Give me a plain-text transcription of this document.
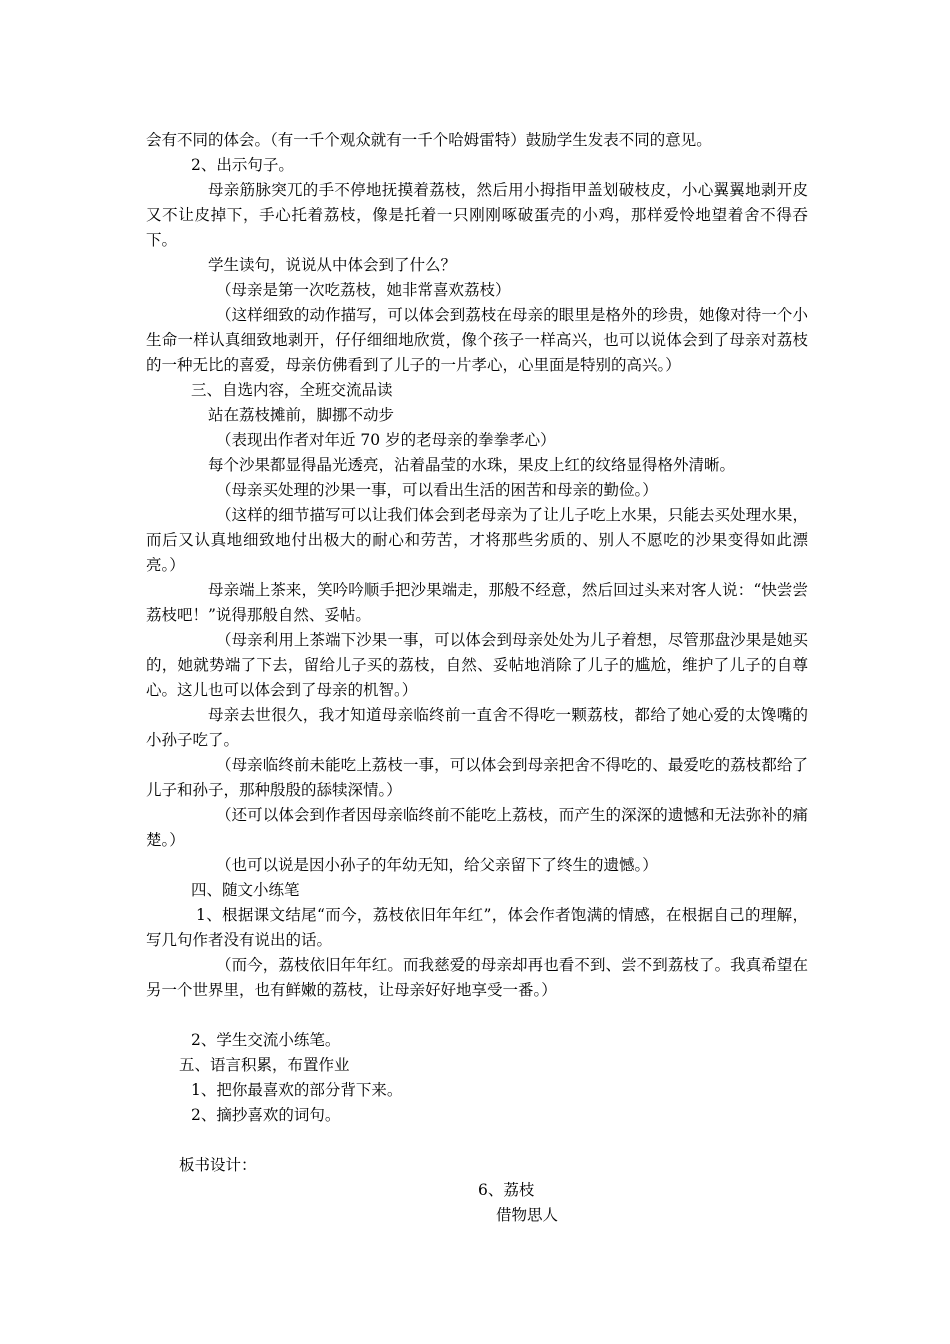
会有不同的体会。（有一千个观众就有一千个哈姆雷特）鼓励学生发表不同的意见。

2、出示句子。

母亲筋脉突兀的手不停地抚摸着荔枝，然后用小拇指甲盖划破枝皮，小心翼翼地剥开皮又不让皮掉下，手心托着荔枝，像是托着一只刚刚啄破蛋壳的小鸡，那样爱怜地望着舍不得吞下。

学生读句，说说从中体会到了什么？

（母亲是第一次吃荔枝，她非常喜欢荔枝）

（这样细致的动作描写，可以体会到荔枝在母亲的眼里是格外的珍贵，她像对待一个小生命一样认真细致地剥开，仔仔细细地欣赏，像个孩子一样高兴，也可以说体会到了母亲对荔枝的一种无比的喜爱，母亲仿佛看到了儿子的一片孝心，心里面是特别的高兴。）

三、自选内容，全班交流品读

站在荔枝摊前，脚挪不动步

（表现出作者对年近 70 岁的老母亲的拳拳孝心）

每个沙果都显得晶光透亮，沾着晶莹的水珠，果皮上红的纹络显得格外清晰。

（母亲买处理的沙果一事，可以看出生活的困苦和母亲的勤俭。）

（这样的细节描写可以让我们体会到老母亲为了让儿子吃上水果，只能去买处理水果，而后又认真地细致地付出极大的耐心和劳苦，才将那些劣质的、别人不愿吃的沙果变得如此漂亮。）

母亲端上茶来，笑吟吟顺手把沙果端走，那般不经意，然后回过头来对客人说：“快尝尝荔枝吧！”说得那般自然、妥帖。

（母亲利用上茶端下沙果一事，可以体会到母亲处处为儿子着想，尽管那盘沙果是她买的，她就势端了下去，留给儿子买的荔枝，自然、妥帖地消除了儿子的尴尬，维护了儿子的自尊心。这儿也可以体会到了母亲的机智。）

母亲去世很久，我才知道母亲临终前一直舍不得吃一颗荔枝，都给了她心爱的太馋嘴的小孙子吃了。

（母亲临终前未能吃上荔枝一事，可以体会到母亲把舍不得吃的、最爱吃的荔枝都给了儿子和孙子，那种殷殷的舔犊深情。）

（还可以体会到作者因母亲临终前不能吃上荔枝，而产生的深深的遗憾和无法弥补的痛楚。）

（也可以说是因小孙子的年幼无知，给父亲留下了终生的遗憾。）

四、随文小练笔

1、根据课文结尾“而今，荔枝依旧年年红”，体会作者饱满的情感，在根据自己的理解，写几句作者没有说出的话。

（而今，荔枝依旧年年红。而我慈爱的母亲却再也看不到、尝不到荔枝了。我真希望在另一个世界里，也有鲜嫩的荔枝，让母亲好好地享受一番。）

2、学生交流小练笔。

五、语言积累，布置作业

1、把你最喜欢的部分背下来。

2、摘抄喜欢的词句。

板书设计：

6、荔枝
借物思人
